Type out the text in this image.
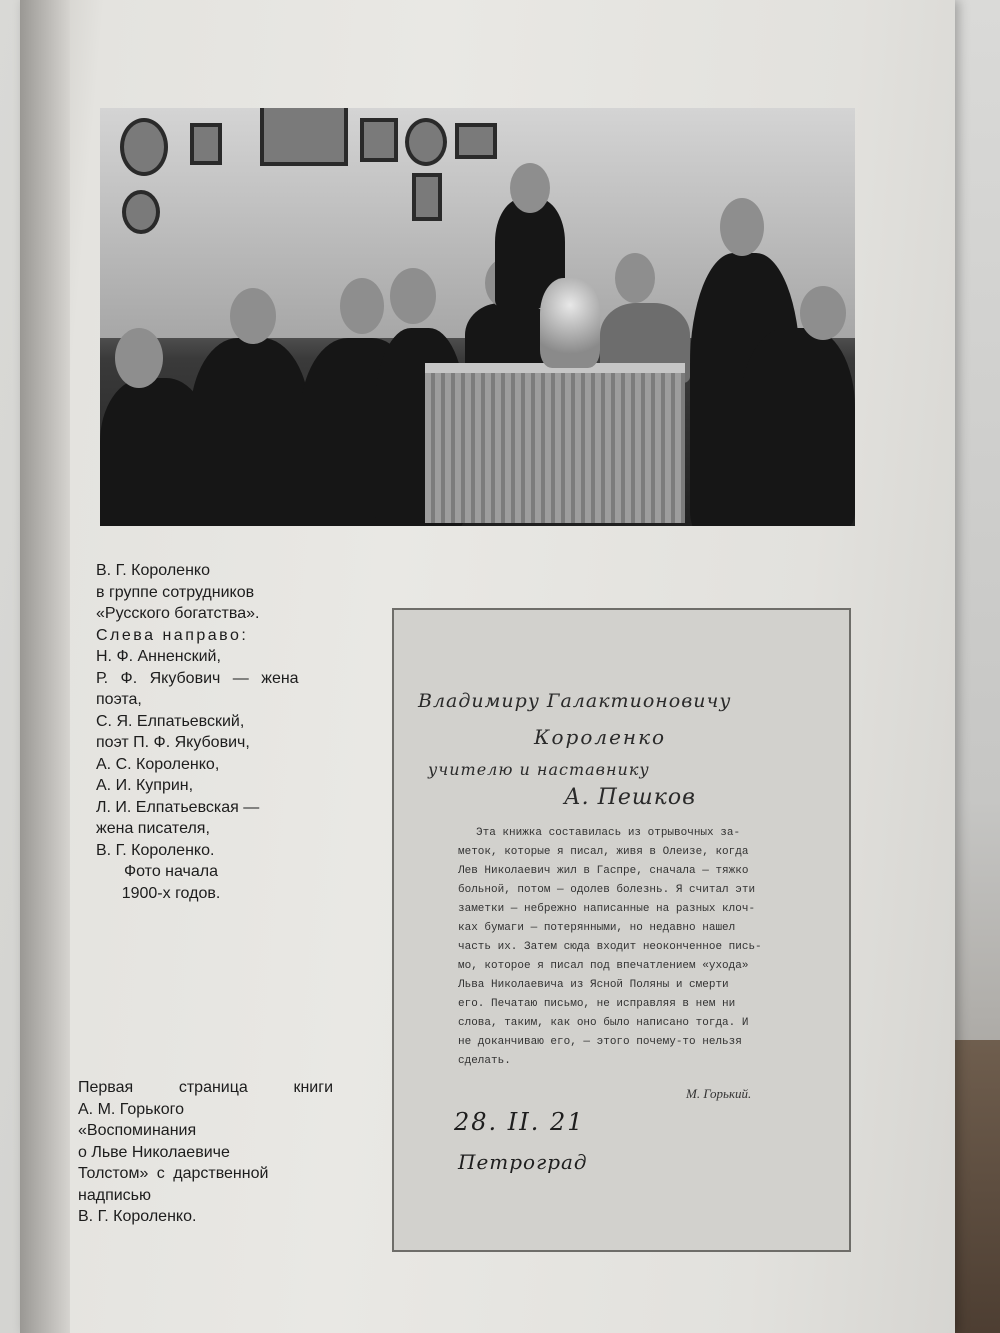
В. Г. Короленко
в группе сотрудников
«Русского богатства».
Слева направо:
Н. Ф. Анненский,
Р. Ф. Якубович — жена
поэта,
С. Я. Елпатьевский,
поэт П. Ф. Якубович,
А. С. Короленко,
А. И. Куприн,
Л. И. Елпатьевская —
жена писателя,
В. Г. Короленко.
Фото начала
1900-х годов.
Первая страница книги
А. М. Горького
«Воспоминания
о Льве Николаевиче
Толстом» с дарственной
надписью
В. Г. Короленко.
Владимиру Галактионовичу
Короленко
учителю и наставнику
А. Пешков
Эта книжка составилась из отрывочных за-
меток, которые я писал, живя в Олеизе, когда
Лев Николаевич жил в Гаспре, сначала — тяжко
больной, потом — одолев болезнь. Я считал эти
заметки — небрежно написанные на разных клоч-
ках бумаги — потерянными, но недавно нашел
часть их. Затем сюда входит неоконченное пись-
мо, которое я писал под впечатлением «ухода»
Льва Николаевича из Ясной Поляны и смерти
его. Печатаю письмо, не исправляя в нем ни
слова, таким, как оно было написано тогда. И
не доканчиваю его, — этого почему-то нельзя
сделать.
М. Горький.
28. II. 21
Петроград
